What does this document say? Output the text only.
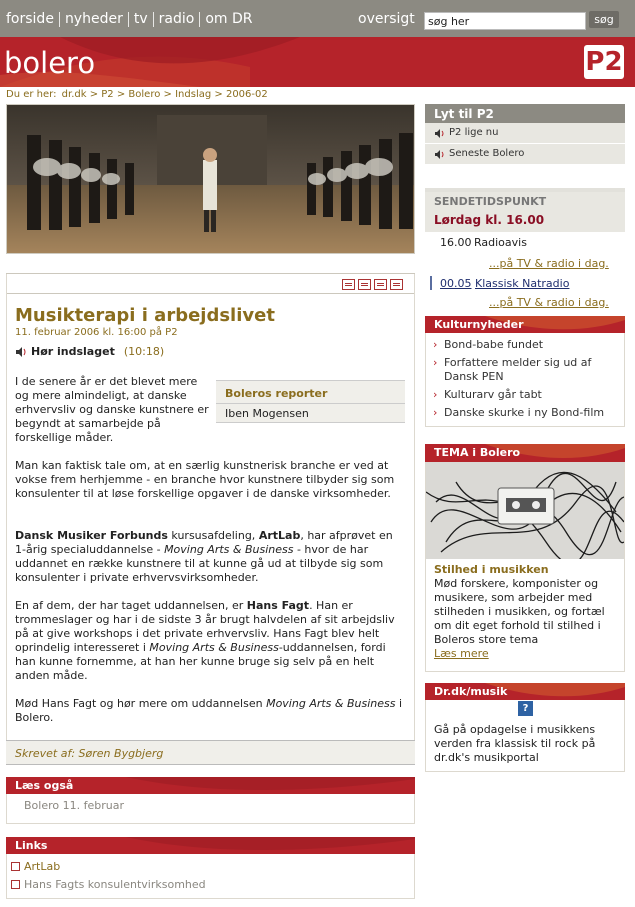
forside nyheder tv radio om DR	oversigt
søg her	søg
bolero	P2
Du er her: dr.dk > P2 > Bolero > Indslag > 2006-02
Musikterapi i arbejdslivet
11. februar 2006 kl. 16:00 på P2
Hør indslaget (10:18)
Boleros reporter
Iben Mogensen

I de senere år er det blevet mere og mere almindeligt, at danske erhvervsliv og danske kunstnere er begyndt at samarbejde på forskellige måder.

Man kan faktisk tale om, at en særlig kunstnerisk branche er ved at vokse frem herhjemme - en branche hvor kunstnere tilbyder sig som konsulenter til at løse forskellige opgaver i de danske virksomheder.

Dansk Musiker Forbunds kursusafdeling, ArtLab, har afprøvet en 1-årig specialuddannelse - Moving Arts & Business - hvor de har uddannet en række kunstnere til at kunne gå ud at tilbyde sig som konsulenter i private erhvervsvirksomheder.

En af dem, der har taget uddannelsen, er Hans Fagt. Han er trommeslager og har i de sidste 3 år brugt halvdelen af sit arbejdsliv på at give workshops i det private erhvervsliv. Hans Fagt blev helt oprindelig interesseret i Moving Arts & Business-uddannelsen, fordi han kunne fornemme, at han her kunne bruge sig selv på en helt anden måde.

Mød Hans Fagt og hør mere om uddannelsen Moving Arts & Business i Bolero.

Skrevet af: Søren Bygbjerg
Læs også
Bolero 11. februar
Links
ArtLab
Hans Fagts konsulentvirksomhed
Lyt til P2
P2 lige nu
Seneste Bolero
SENDETIDSPUNKT
Lørdag kl. 16.00
16.00 Radioavis
...på TV & radio i dag.
00.05 Klassisk Natradio
...på TV & radio i dag.
Kulturnyheder
› Bond-babe fundet
› Forfattere melder sig ud af Dansk PEN
› Kulturarv går tabt
› Danske skurke i ny Bond-film
TEMA i Bolero
Stilhed i musikken

Mød forskere, komponister og musikere, som arbejder med stilheden i musikken, og fortæl om dit eget forhold til stilhed i Boleros store tema

Læs mere
Dr.dk/musik
?

Gå på opdagelse i musikkens verden fra klassisk til rock på dr.dk's musikportal
